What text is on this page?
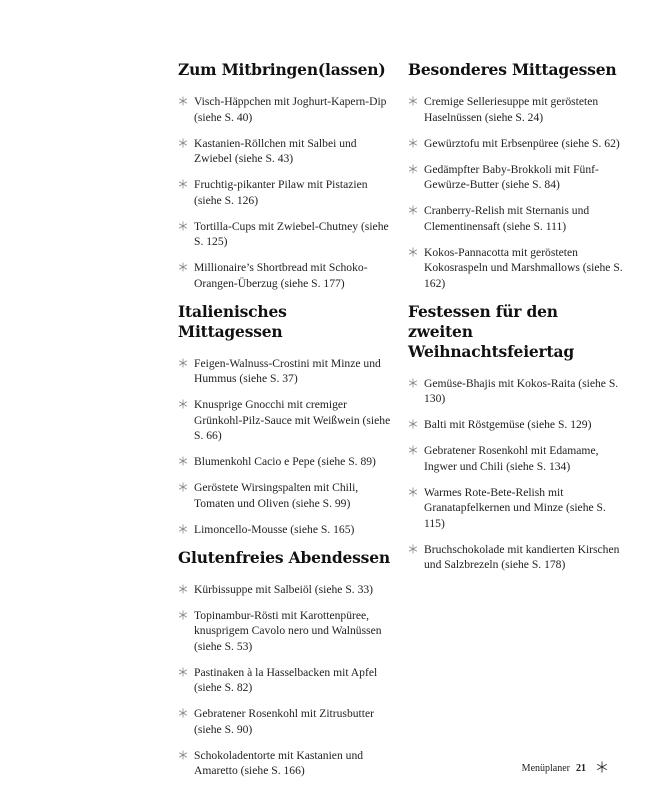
Zum Mitbringen(lassen)
Visch-Häppchen mit Joghurt-Kapern-Dip (siehe S. 40)
Kastanien-Röllchen mit Salbei und Zwiebel (siehe S. 43)
Fruchtig-pikanter Pilaw mit Pistazien (siehe S. 126)
Tortilla-Cups mit Zwiebel-Chutney (siehe S. 125)
Millionaire’s Shortbread mit Schoko-Orangen-Überzug (siehe S. 177)
Italienisches Mittagessen
Feigen-Walnuss-Crostini mit Minze und Hummus (siehe S. 37)
Knusprige Gnocchi mit cremiger Grünkohl-Pilz-Sauce mit Weißwein (siehe S. 66)
Blumenkohl Cacio e Pepe (siehe S. 89)
Geröstete Wirsingspalten mit Chili, Tomaten und Oliven (siehe S. 99)
Limoncello-Mousse (siehe S. 165)
Glutenfreies Abendessen
Kürbissuppe mit Salbeiöl (siehe S. 33)
Topinambur-Rösti mit Karottenpüree, knusprigem Cavolo nero und Walnüssen (siehe S. 53)
Pastinaken à la Hasselbacken mit Apfel (siehe S. 82)
Gebratener Rosenkohl mit Zitrusbutter (siehe S. 90)
Schokoladentorte mit Kastanien und Amaretto (siehe S. 166)
Besonderes Mittagessen
Cremige Selleriesuppe mit gerösteten Haselnüssen (siehe S. 24)
Gewürztofu mit Erbsenpüree (siehe S. 62)
Gedämpfter Baby-Brokkoli mit Fünf-Gewürze-Butter (siehe S. 84)
Cranberry-Relish mit Sternanis und Clementinensaft (siehe S. 111)
Kokos-Pannacotta mit gerösteten Kokosraspeln und Marshmallows (siehe S. 162)
Festessen für den zweiten Weihnachtsfeiertag
Gemüse-Bhajis mit Kokos-Raita (siehe S. 130)
Balti mit Röstgemüse (siehe S. 129)
Gebratener Rosenkohl mit Edamame, Ingwer und Chili (siehe S. 134)
Warmes Rote-Bete-Relish mit Granatapfelkernen und Minze (siehe S. 115)
Bruchschokolade mit kandierten Kirschen und Salzbrezeln (siehe S. 178)
Menüplaner 21
